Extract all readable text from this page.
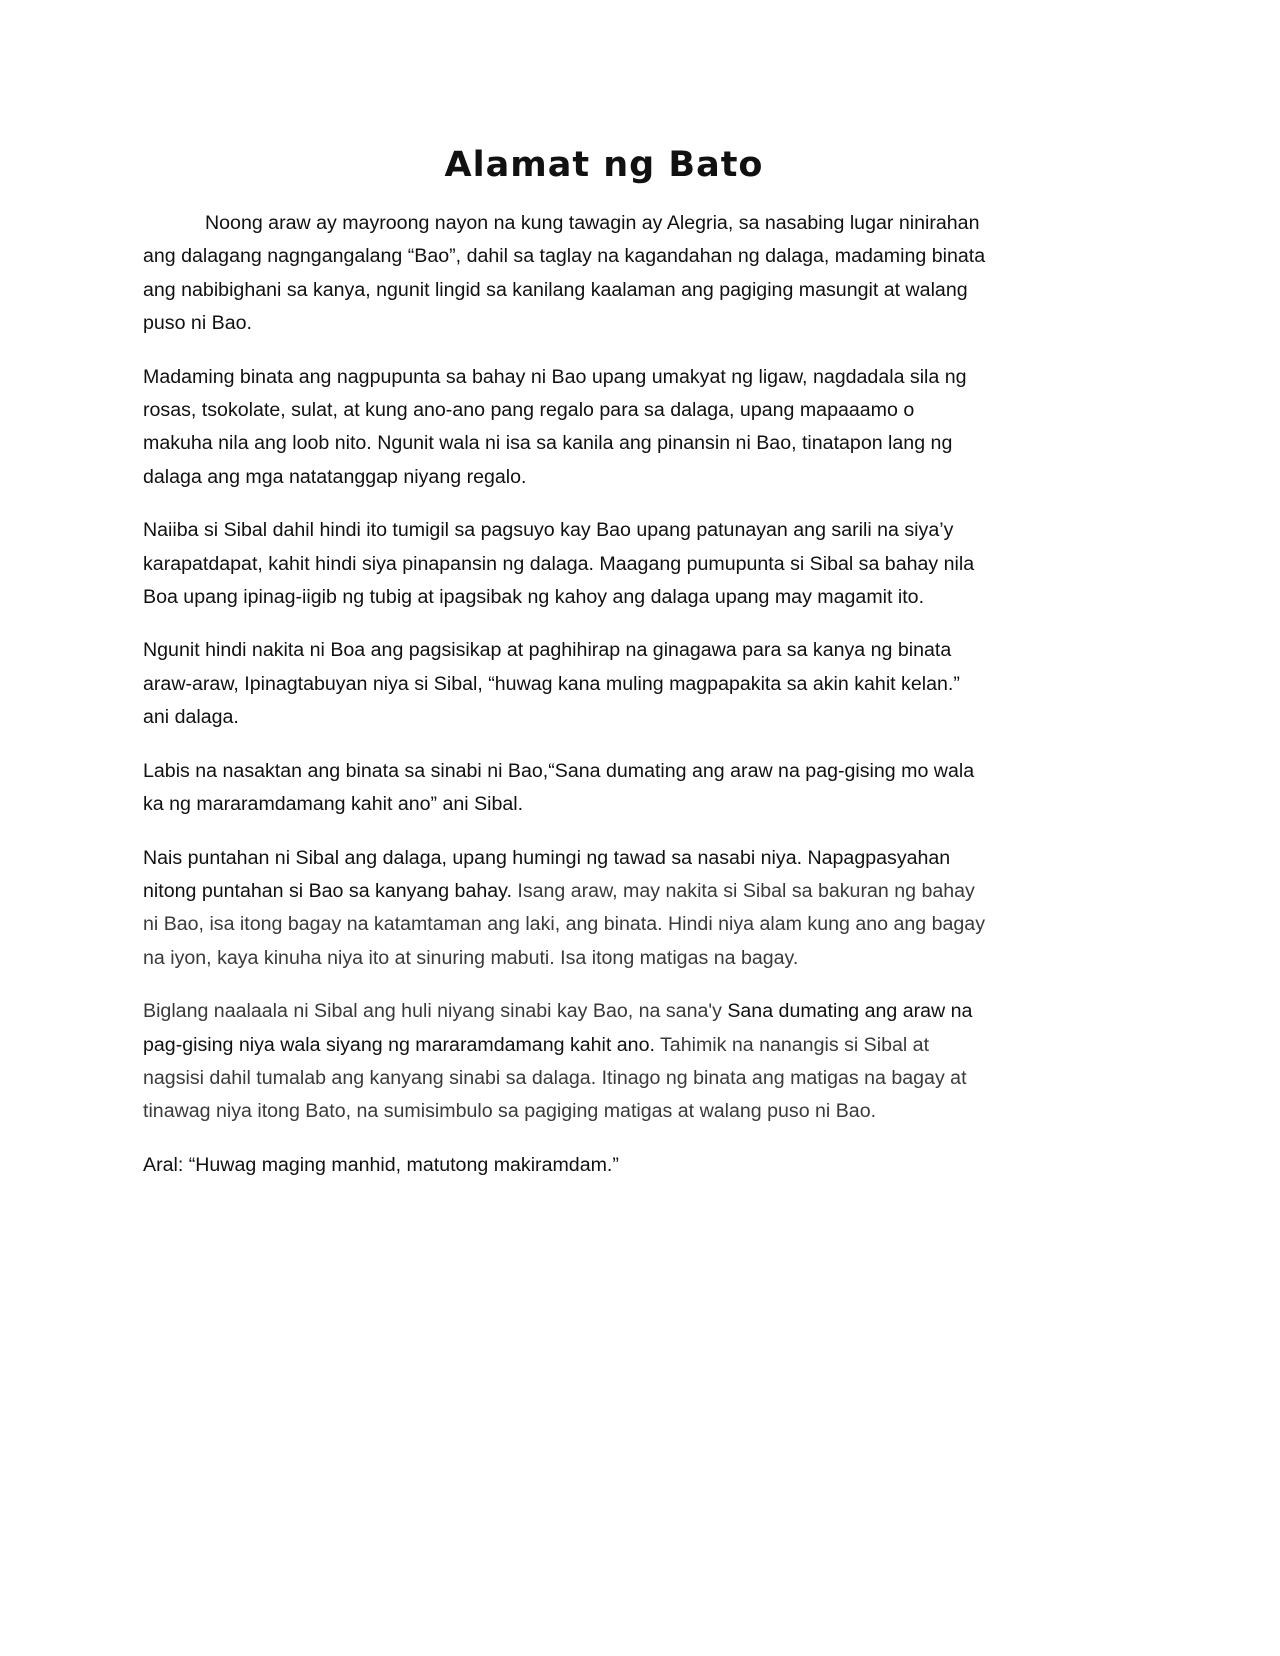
Alamat ng Bato
Noong araw ay mayroong nayon na kung tawagin ay Alegria, sa nasabing lugar ninirahan
ang dalagang nagngangalang “Bao”, dahil sa taglay na kagandahan ng dalaga, madaming binata
ang nabibighani sa kanya, ngunit lingid sa kanilang kaalaman ang pagiging masungit at walang
puso ni Bao.
Madaming binata ang nagpupunta sa bahay ni Bao upang umakyat ng ligaw, nagdadala sila ng
rosas, tsokolate, sulat, at kung ano-ano pang regalo para sa dalaga, upang mapaaamo o
makuha nila ang loob nito. Ngunit wala ni isa sa kanila ang pinansin ni Bao, tinatapon lang ng
dalaga ang mga natatanggap niyang regalo.
Naiiba si Sibal dahil hindi ito tumigil sa pagsuyo kay Bao upang patunayan ang sarili na siya’y
karapatdapat, kahit hindi siya pinapansin ng dalaga. Maagang pumupunta si Sibal sa bahay nila
Boa upang ipinag-iigib ng tubig at ipagsibak ng kahoy ang dalaga upang may magamit ito.
Ngunit hindi nakita ni Boa ang pagsisikap at paghihirap na ginagawa para sa kanya ng binata
araw-araw, Ipinagtabuyan niya si Sibal, “huwag kana muling magpapakita sa akin kahit kelan.”
ani dalaga.
Labis na nasaktan ang binata sa sinabi ni Bao,“Sana dumating ang araw na pag-gising mo wala
ka ng mararamdamang kahit ano” ani Sibal.
Nais puntahan ni Sibal ang dalaga, upang humingi ng tawad sa nasabi niya. Napagpasyahan
nitong puntahan si Bao sa kanyang bahay. Isang araw, may nakita si Sibal sa bakuran ng bahay
ni Bao, isa itong bagay na katamtaman ang laki, ang binata. Hindi niya alam kung ano ang bagay
na iyon, kaya kinuha niya ito at sinuring mabuti. Isa itong matigas na bagay.
Biglang naalaala ni Sibal ang huli niyang sinabi kay Bao, na sana'y Sana dumating ang araw na
pag-gising niya wala siyang ng mararamdamang kahit ano. Tahimik na nanangis si Sibal at
nagsisi dahil tumalab ang kanyang sinabi sa dalaga. Itinago ng binata ang matigas na bagay at
tinawag niya itong Bato, na sumisimbulo sa pagiging matigas at walang puso ni Bao.
Aral: “Huwag maging manhid, matutong makiramdam.”
